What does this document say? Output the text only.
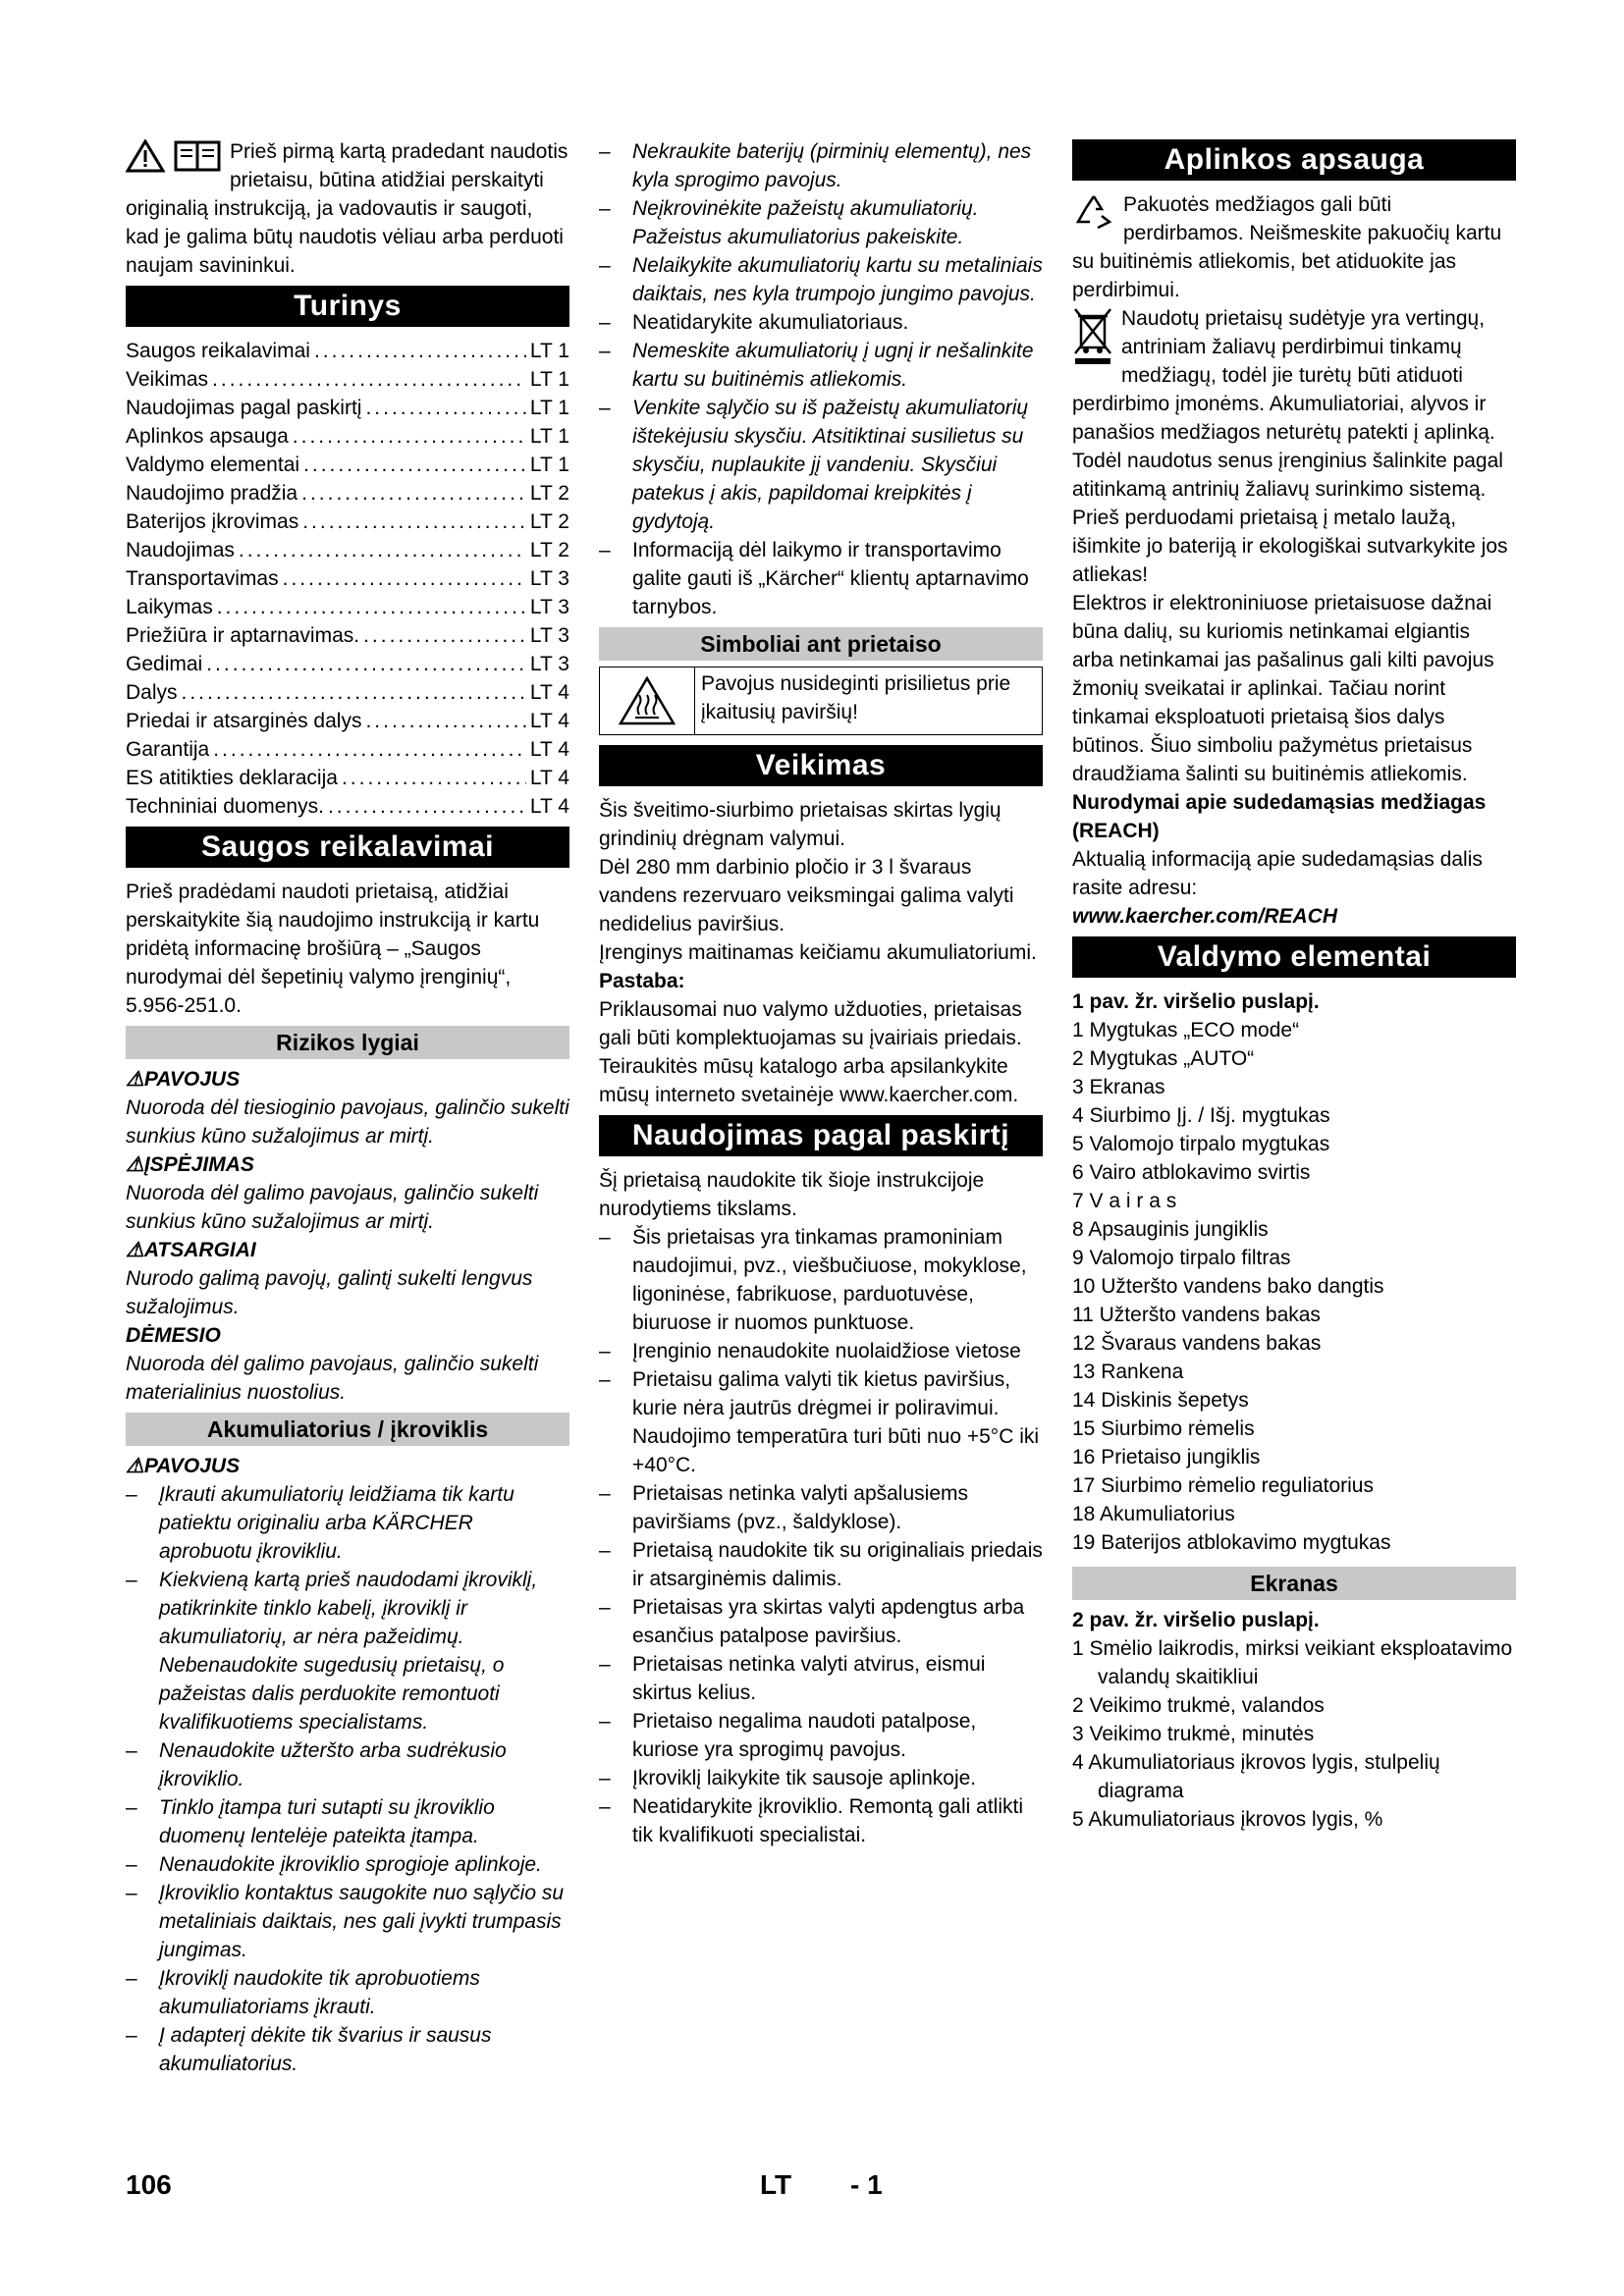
Prieš pirmą kartą pradedant naudotis prietaisu, būtina atidžiai perskaityti originalią instrukciją, ja vadovautis ir saugoti, kad je galima būtų naudotis vėliau arba perduoti naujam savininkui.

Turinys
Saugos reikalavimai .....	LT 1
Veikimas .....	LT 1
Naudojimas pagal paskirtį .....	LT 1
Aplinkos apsauga .....	LT 1
Valdymo elementai .....	LT 1
Naudojimo pradžia .....	LT 2
Baterijos įkrovimas .....	LT 2
Naudojimas .....	LT 2
Transportavimas .....	LT 3
Laikymas .....	LT 3
Priežiūra ir aptarnavimas. .....	LT 3
Gedimai .....	LT 3
Dalys .....	LT 4
Priedai ir atsarginės dalys .....	LT 4
Garantija .....	LT 4
ES atitikties deklaracija .....	LT 4
Techniniai duomenys. .....	LT 4
Saugos reikalavimai

Prieš pradėdami naudoti prietaisą, atidžiai perskaitykite šią naudojimo instrukciją ir kartu pridėtą informacinę brošiūrą – „Saugos nurodymai dėl šepetinių valymo įrenginių“, 5.956-251.0.

Rizikos lygiai

⚠PAVOJUS

Nuoroda dėl tiesioginio pavojaus, galinčio sukelti sunkius kūno sužalojimus ar mirtį.

⚠ĮSPĖJIMAS

Nuoroda dėl galimo pavojaus, galinčio sukelti sunkius kūno sužalojimus ar mirtį.

⚠ATSARGIAI

Nurodo galimą pavojų, galintį sukelti lengvus sužalojimus.

DĖMESIO

Nuoroda dėl galimo pavojaus, galinčio sukelti materialinius nuostolius.

Akumuliatorius / įkroviklis

⚠PAVOJUS

– Įkrauti akumuliatorių leidžiama tik kartu patiektu originaliu arba KÄRCHER aprobuotu įkrovikliu.

– Kiekvieną kartą prieš naudodami įkroviklį, patikrinkite tinklo kabelį, įkroviklį ir akumuliatorių, ar nėra pažeidimų. Nebenaudokite sugedusių prietaisų, o pažeistas dalis perduokite remontuoti kvalifikuotiems specialistams.

– Nenaudokite užteršto arba sudrėkusio įkroviklio.

– Tinklo įtampa turi sutapti su įkroviklio duomenų lentelėje pateikta įtampa.

– Nenaudokite įkroviklio sprogioje aplinkoje.

– Įkroviklio kontaktus saugokite nuo sąlyčio su metaliniais daiktais, nes gali įvykti trumpasis jungimas.

– Įkroviklį naudokite tik aprobuotiems akumuliatoriams įkrauti.

– Į adapterį dėkite tik švarius ir sausus akumuliatorius.

– Nekraukite baterijų (pirminių elementų), nes kyla sprogimo pavojus.

– Neįkrovinėkite pažeistų akumuliatorių. Pažeistus akumuliatorius pakeiskite.

– Nelaikykite akumuliatorių kartu su metaliniais daiktais, nes kyla trumpojo jungimo pavojus.

– Neatidarykite akumuliatoriaus.

– Nemeskite akumuliatorių į ugnį ir nešalinkite kartu su buitinėmis atliekomis.

– Venkite sąlyčio su iš pažeistų akumuliatorių ištekėjusiu skysčiu. Atsitiktinai susilietus su skysčiu, nuplaukite jį vandeniu. Skysčiui patekus į akis, papildomai kreipkitės į gydytoją.

– Informaciją dėl laikymo ir transportavimo galite gauti iš „Kärcher“ klientų aptarnavimo tarnybos.

Simboliai ant prietaiso
Pavojus nusideginti prisilietus prie įkaitusių paviršių!
Veikimas

Šis šveitimo-siurbimo prietaisas skirtas lygių grindinių drėgnam valymui.

Dėl 280 mm darbinio pločio ir 3 l švaraus vandens rezervuaro veiksmingai galima valyti nedidelius paviršius.

Įrenginys maitinamas keičiamu akumuliatoriumi.

Pastaba:

Priklausomai nuo valymo užduoties, prietaisas gali būti komplektuojamas su įvairiais priedais.

Teiraukitės mūsų katalogo arba apsilankykite mūsų interneto svetainėje www.kaercher.com.

Naudojimas pagal paskirtį

Šį prietaisą naudokite tik šioje instrukcijoje nurodytiems tikslams.

– Šis prietaisas yra tinkamas pramoniniam naudojimui, pvz., viešbučiuose, mokyklose, ligoninėse, fabrikuose, parduotuvėse, biuruose ir nuomos punktuose.

– Įrenginio nenaudokite nuolaidžiose vietose

– Prietaisu galima valyti tik kietus paviršius, kurie nėra jautrūs drėgmei ir poliravimui.

Naudojimo temperatūra turi būti nuo +5°C iki +40°C.

– Prietaisas netinka valyti apšalusiems paviršiams (pvz., šaldyklose).

– Prietaisą naudokite tik su originaliais priedais ir atsarginėmis dalimis.

– Prietaisas yra skirtas valyti apdengtus arba esančius patalpose paviršius.

– Prietaisas netinka valyti atvirus, eismui skirtus kelius.

– Prietaiso negalima naudoti patalpose, kuriose yra sprogimų pavojus.

– Įkroviklį laikykite tik sausoje aplinkoje.

– Neatidarykite įkroviklio. Remontą gali atlikti tik kvalifikuoti specialistai.

Aplinkos apsauga

Pakuotės medžiagos gali būti perdirbamos. Neišmeskite pakuočių kartu su buitinėmis atliekomis, bet atiduokite jas perdirbimui.

Naudotų prietaisų sudėtyje yra vertingų, antriniam žaliavų perdirbimui tinkamų medžiagų, todėl jie turėtų būti atiduoti perdirbimo įmonėms. Akumuliatoriai, alyvos ir panašios medžiagos neturėtų patekti į aplinką. Todėl naudotus senus įrenginius šalinkite pagal atitinkamą antrinių žaliavų surinkimo sistemą.

Prieš perduodami prietaisą į metalo laužą, išimkite jo bateriją ir ekologiškai sutvarkykite jos atliekas!

Elektros ir elektroniniuose prietaisuose dažnai būna dalių, su kuriomis netinkamai elgiantis arba netinkamai jas pašalinus gali kilti pavojus žmonių sveikatai ir aplinkai. Tačiau norint tinkamai eksploatuoti prietaisą šios dalys būtinos. Šiuo simboliu pažymėtus prietaisus draudžiama šalinti su buitinėmis atliekomis.

Nurodymai apie sudedamąsias medžiagas (REACH)

Aktualią informaciją apie sudedamąsias dalis rasite adresu:

www.kaercher.com/REACH

Valdymo elementai

1 pav. žr. viršelio puslapį.

1 Mygtukas „ECO mode“

2 Mygtukas „AUTO“

3 Ekranas

4 Siurbimo Įj. / Išj. mygtukas

5 Valomojo tirpalo mygtukas

6 Vairo atblokavimo svirtis

7 V a i r a s

8 Apsauginis jungiklis

9 Valomojo tirpalo filtras

10 Užteršto vandens bako dangtis

11 Užteršto vandens bakas

12 Švaraus vandens bakas

13 Rankena

14 Diskinis šepetys

15 Siurbimo rėmelis

16 Prietaiso jungiklis

17 Siurbimo rėmelio reguliatorius

18 Akumuliatorius

19 Baterijos atblokavimo mygtukas

Ekranas

2 pav. žr. viršelio puslapį.

1 Smėlio laikrodis, mirksi veikiant eksploatavimo valandų skaitikliui

2 Veikimo trukmė, valandos

3 Veikimo trukmė, minutės

4 Akumuliatoriaus įkrovos lygis, stulpelių diagrama

5 Akumuliatoriaus įkrovos lygis, %

106	LT - 1
